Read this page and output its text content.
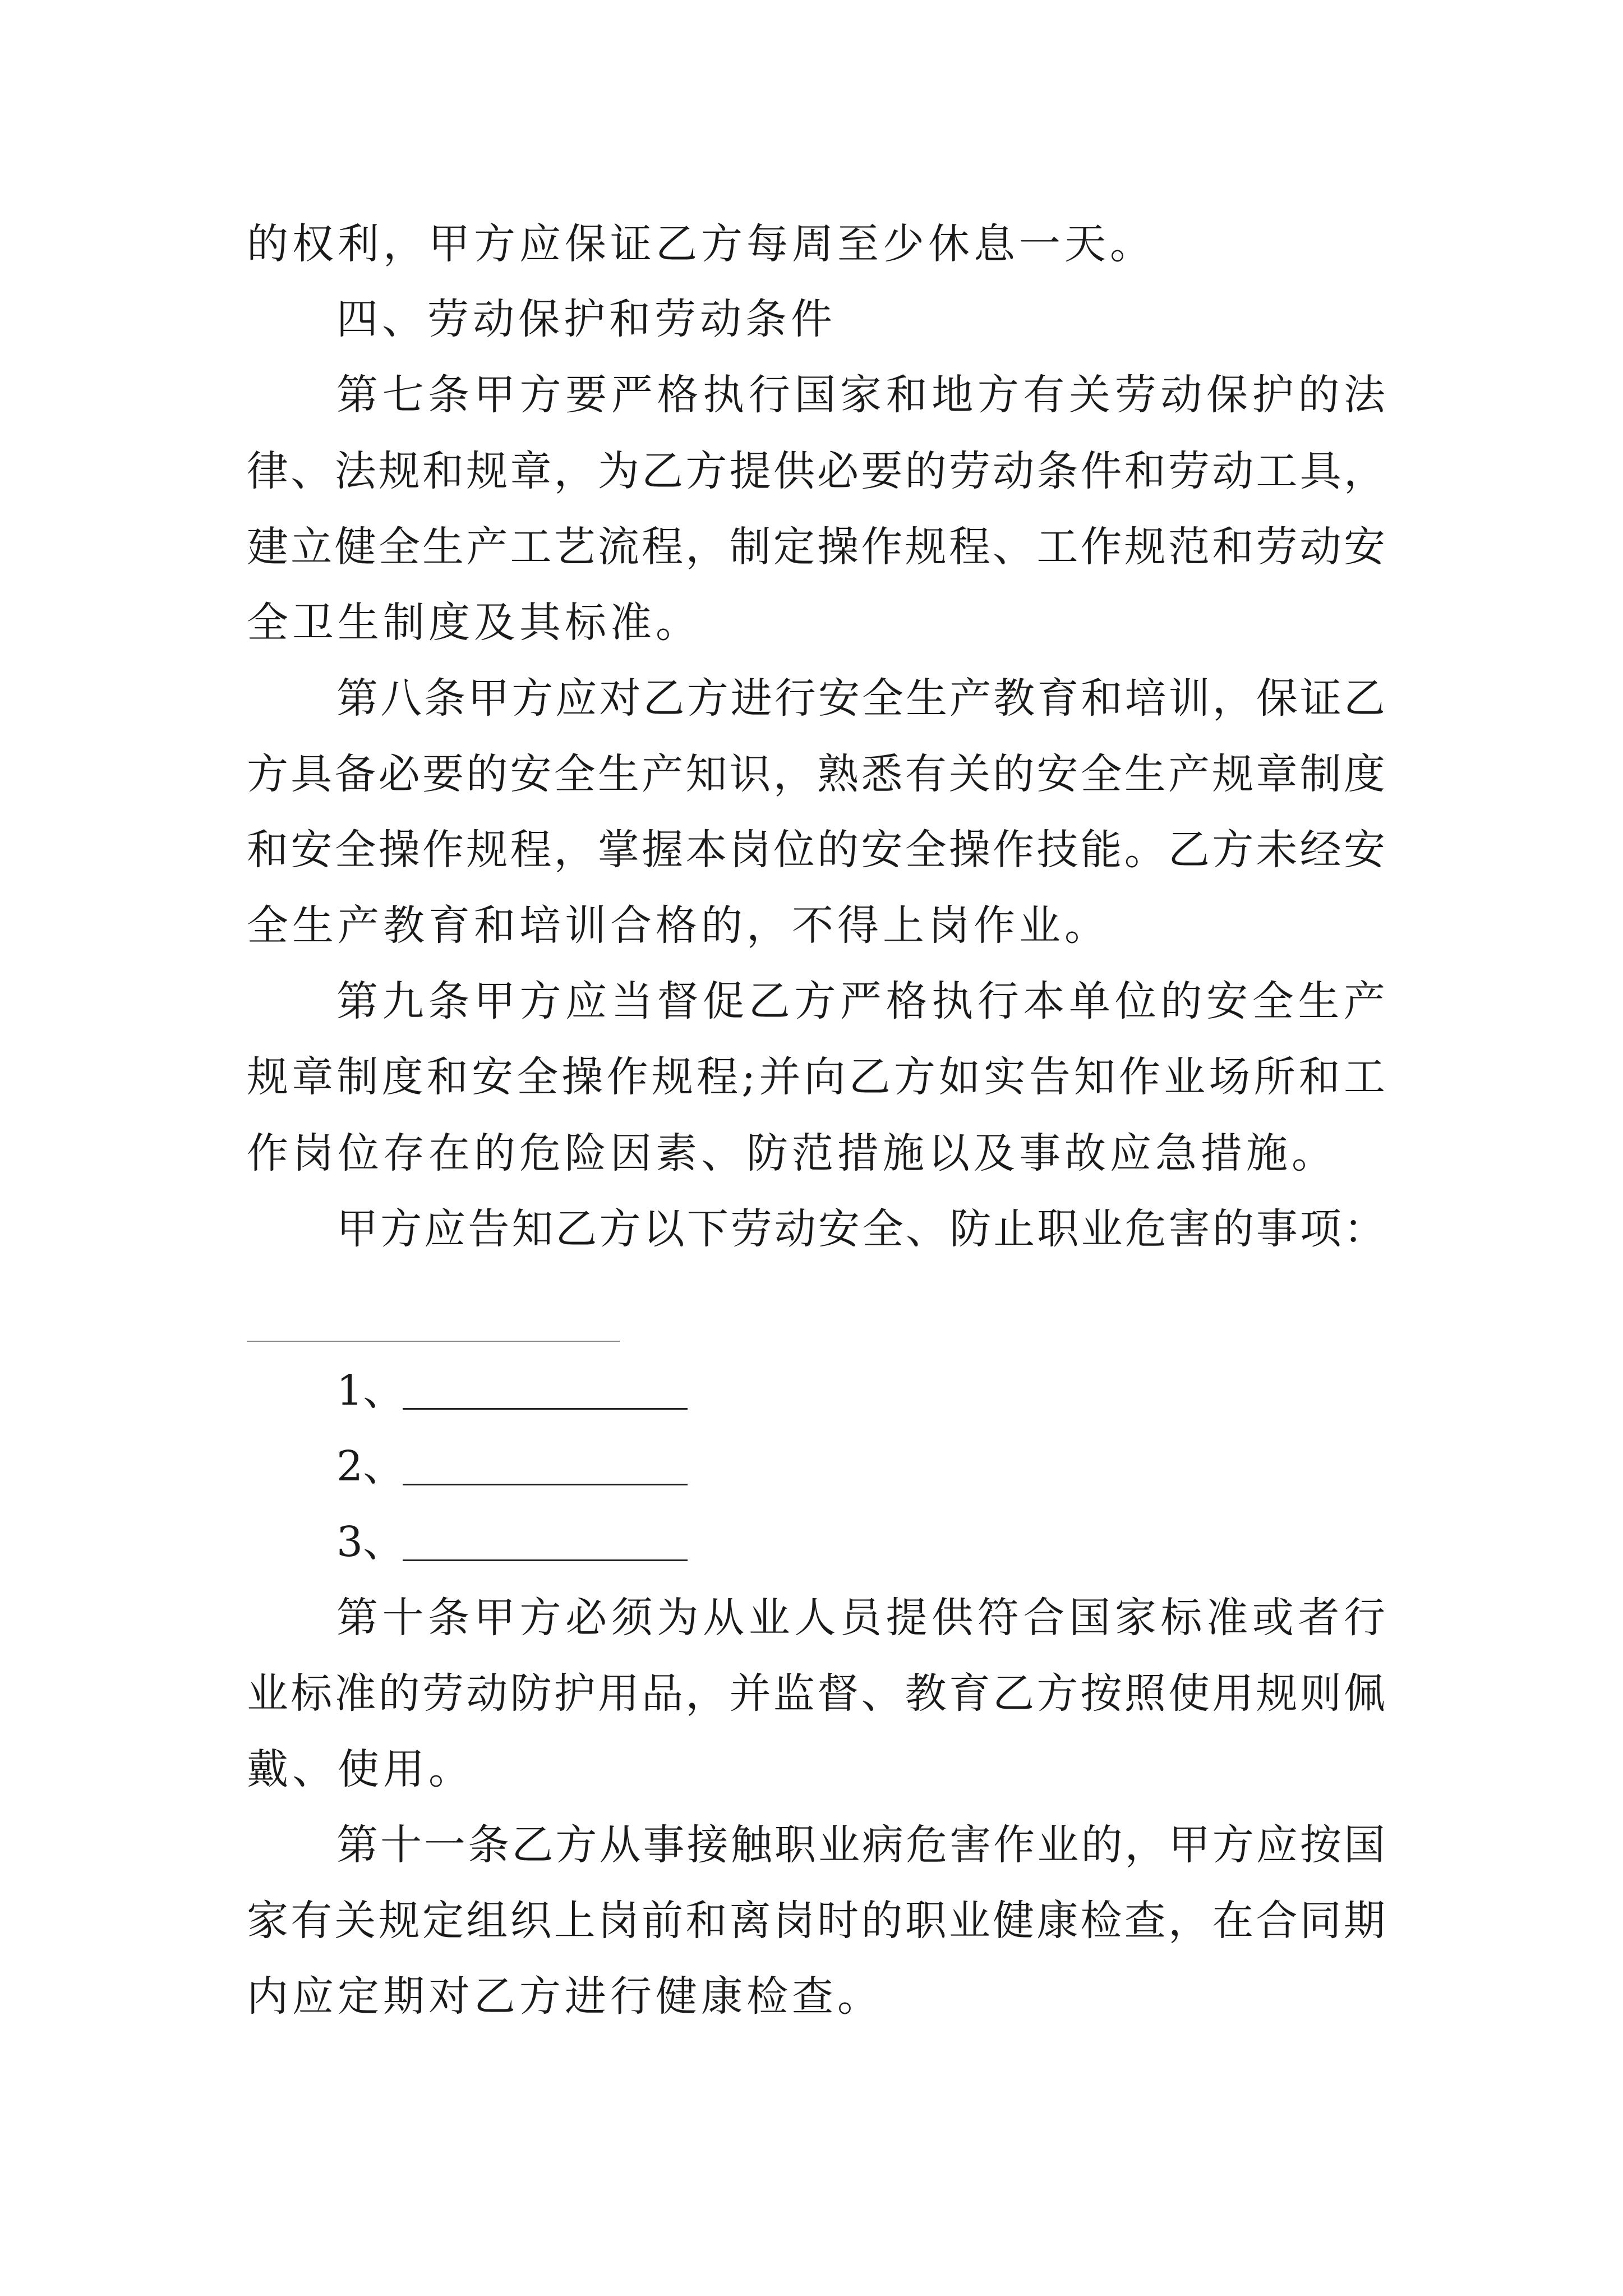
的权利，甲方应保证乙方每周至少休息一天。
四、劳动保护和劳动条件
第七条甲方要严格执行国家和地方有关劳动保护的法
律、法规和规章，为乙方提供必要的劳动条件和劳动工具，
建立健全生产工艺流程，制定操作规程、工作规范和劳动安
全卫生制度及其标准。
第八条甲方应对乙方进行安全生产教育和培训，保证乙
方具备必要的安全生产知识，熟悉有关的安全生产规章制度
和安全操作规程，掌握本岗位的安全操作技能。乙方未经安
全生产教育和培训合格的，不得上岗作业。
第九条甲方应当督促乙方严格执行本单位的安全生产
规章制度和安全操作规程;并向乙方如实告知作业场所和工
作岗位存在的危险因素、防范措施以及事故应急措施。
甲方应告知乙方以下劳动安全、防止职业危害的事项：
1、
2、
3、
第十条甲方必须为从业人员提供符合国家标准或者行
业标准的劳动防护用品，并监督、教育乙方按照使用规则佩
戴、使用。
第十一条乙方从事接触职业病危害作业的，甲方应按国
家有关规定组织上岗前和离岗时的职业健康检查，在合同期
内应定期对乙方进行健康检查。
